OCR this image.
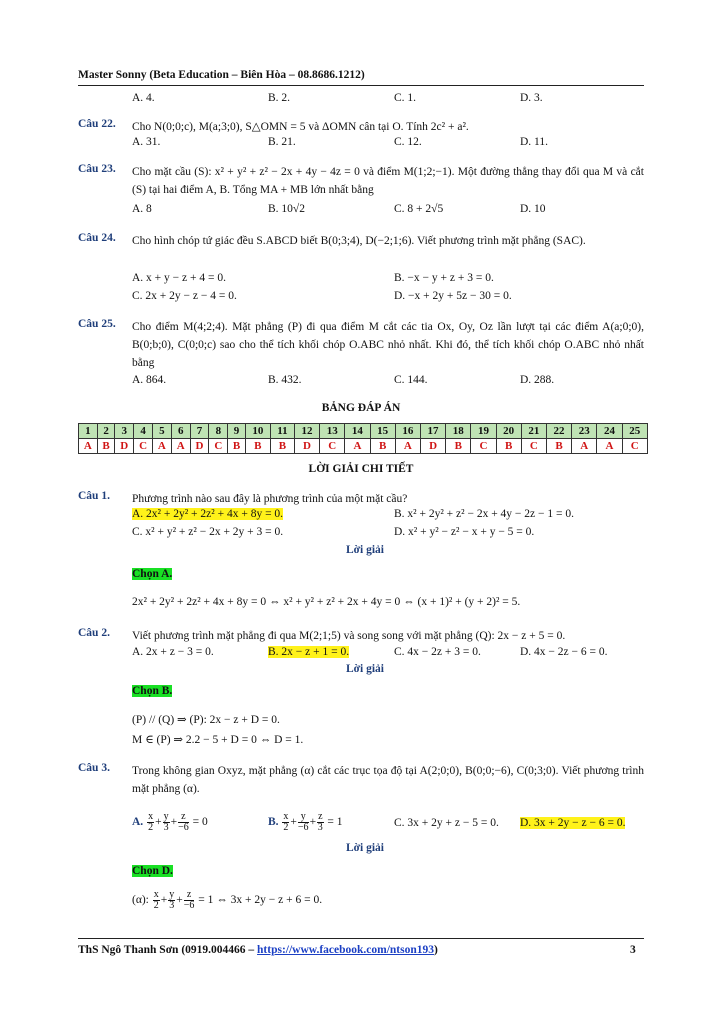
Master Sonny (Beta Education – Biên Hòa – 08.8686.1212)
A. 4.	B. 2.	C. 1.	D. 3.
Câu 22. Cho N(0;0;c), M(a;3;0), S△OMN = 5 và ΔOMN cân tại O. Tính 2c² + a².
A. 31.	B. 21.	C. 12.	D. 11.
Câu 23. Cho mặt cầu (S): x² + y² + z² − 2x + 4y − 4z = 0 và điểm M(1;2;−1). Một đường thẳng thay đổi qua M và cắt (S) tại hai điểm A, B. Tổng MA + MB lớn nhất bằng
A. 8	B. 10√2	C. 8 + 2√5	D. 10
Câu 24. Cho hình chóp tứ giác đều S.ABCD biết B(0;3;4), D(−2;1;6). Viết phương trình mặt phẳng (SAC).
A. x + y − z + 4 = 0.	B. −x − y + z + 3 = 0.
C. 2x + 2y − z − 4 = 0.	D. −x + 2y + 5z − 30 = 0.
Câu 25. Cho điểm M(4;2;4). Mặt phẳng (P) đi qua điểm M cắt các tia Ox, Oy, Oz lần lượt tại các điểm A(a;0;0), B(0;b;0), C(0;0;c) sao cho thể tích khối chóp O.ABC nhỏ nhất. Khi đó, thể tích khối chóp O.ABC nhỏ nhất bằng
A. 864.	B. 432.	C. 144.	D. 288.
BẢNG ĐÁP ÁN
1	2	3	4	5	6	7	8	9	10	11	12	13	14	15	16	17	18	19	20	21	22	23	24	25
A	B	D	C	A	A	D	C	B	B	B	D	C	A	B	A	D	B	C	B	C	B	A	A	C
LỜI GIẢI CHI TIẾT
Câu 1. Phương trình nào sau đây là phương trình của một mặt cầu?
A. 2x² + 2y² + 2z² + 4x + 8y = 0.	B. x² + 2y² + z² − 2x + 4y − 2z − 1 = 0.
C. x² + y² + z² − 2x + 2y + 3 = 0.	D. x² + y² − z² − x + y − 5 = 0.
Lời giải
Chọn A.
2x² + 2y² + 2z² + 4x + 8y = 0 ⇔ x² + y² + z² + 2x + 4y = 0 ⇔ (x + 1)² + (y + 2)² = 5.
Câu 2. Viết phương trình mặt phẳng đi qua M(2;1;5) và song song với mặt phẳng (Q): 2x − z + 5 = 0.
A. 2x + z − 3 = 0.	B. 2x − z + 1 = 0.	C. 4x − 2z + 3 = 0.	D. 4x − 2z − 6 = 0.
Lời giải
Chọn B.
(P) // (Q) ⇒ (P): 2x − z + D = 0.
M ∈ (P) ⇒ 2.2 − 5 + D = 0 ⇔ D = 1.
Câu 3. Trong không gian Oxyz, mặt phẳng (α) cắt các trục tọa độ tại A(2;0;0), B(0;0;−6), C(0;3;0). Viết phương trình mặt phẳng (α).
A. $\frac{x}{2} + \frac{y}{3} + \frac{z}{-6} = 0$	B. $\frac{x}{2} + \frac{y}{-6} + \frac{z}{3} = 1$	C. 3x + 2y + z − 5 = 0. D. 3x + 2y − z − 6 = 0.
Lời giải
Chọn D.
(α): $\frac{x}{2} + \frac{y}{3} + \frac{z}{-6} = 1$ ⇔ 3x + 2y − z + 6 = 0.
ThS Ngô Thanh Sơn (0919.004466 – https://www.facebook.com/ntson193)	3
